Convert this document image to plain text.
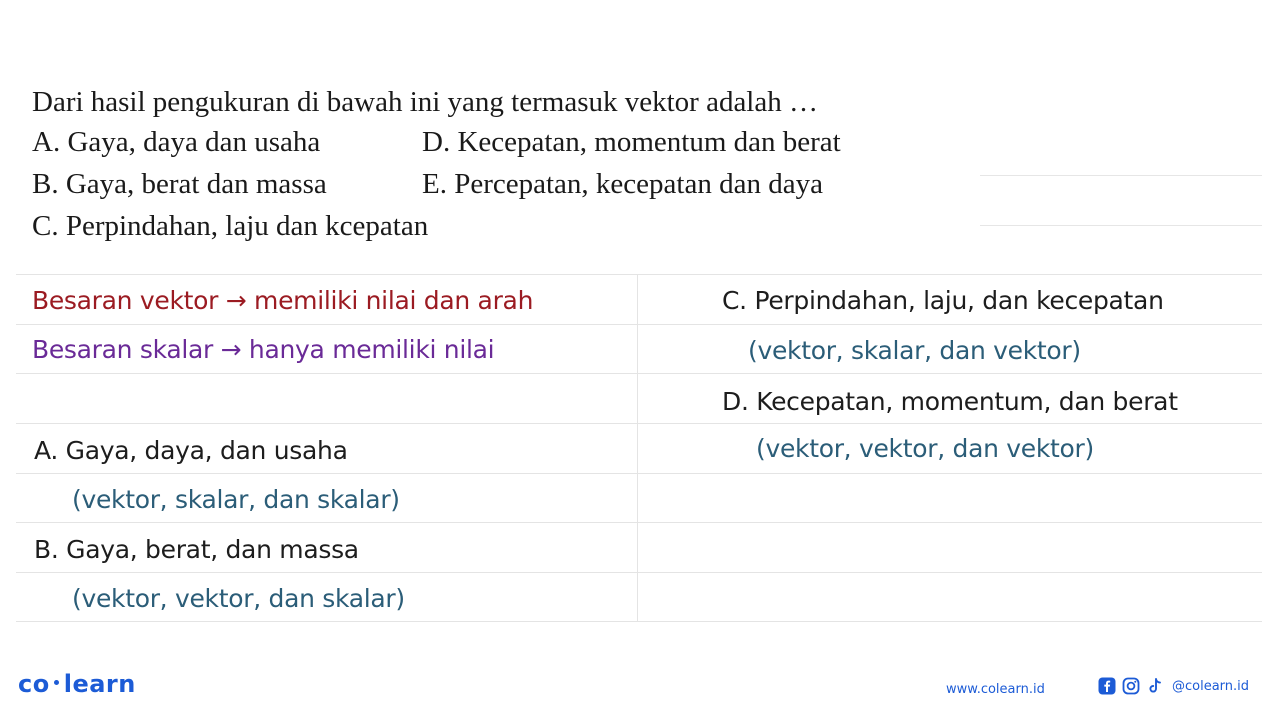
Dari hasil pengukuran di bawah ini yang termasuk vektor adalah …
A. Gaya, daya dan usaha	D. Kecepatan, momentum dan berat
B. Gaya, berat dan massa	E. Percepatan, kecepatan dan daya
C. Perpindahan, laju dan kcepatan
Besaran vektor → memiliki nilai dan arah
Besaran skalar → hanya memiliki nilai
A. Gaya, daya, dan usaha
(vektor, skalar, dan skalar)
B. Gaya, berat, dan massa
(vektor, vektor, dan skalar)
C. Perpindahan, laju, dan kecepatan
(vektor, skalar, dan vektor)
D. Kecepatan, momentum, dan berat
(vektor, vektor, dan vektor)
co learn	www.colearn.id	@colearn.id
